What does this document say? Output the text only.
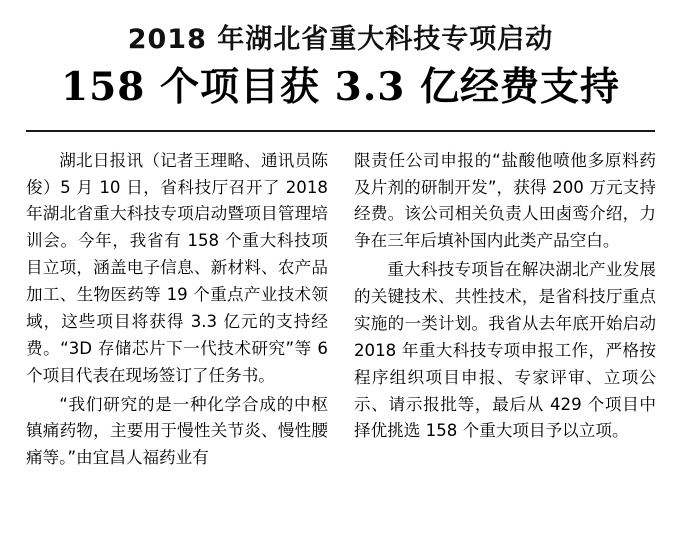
2018 年湖北省重大科技专项启动
158 个项目获 3.3 亿经费支持

湖北日报讯（记者王理略、通讯员陈俊）5 月 10 日，省科技厅召开了 2018 年湖北省重大科技专项启动暨项目管理培训会。今年，我省有 158 个重大科技项目立项，涵盖电子信息、新材料、农产品加工、生物医药等 19 个重点产业技术领域，这些项目将获得 3.3 亿元的支持经费。“3D 存储芯片下一代技术研究”等 6 个项目代表在现场签订了任务书。

“我们研究的是一种化学合成的中枢镇痛药物，主要用于慢性关节炎、慢性腰痛等。”由宜昌人福药业有

限责任公司申报的“盐酸他喷他多原料药及片剂的研制开发”，获得 200 万元支持经费。该公司相关负责人田卥鸾介绍，力争在三年后填补国内此类产品空白。

重大科技专项旨在解决湖北产业发展的关键技术、共性技术，是省科技厅重点实施的一类计划。我省从去年底开始启动 2018 年重大科技专项申报工作，严格按程序组织项目申报、专家评审、立项公示、请示报批等，最后从 429 个项目中择优挑选 158 个重大项目予以立项。
